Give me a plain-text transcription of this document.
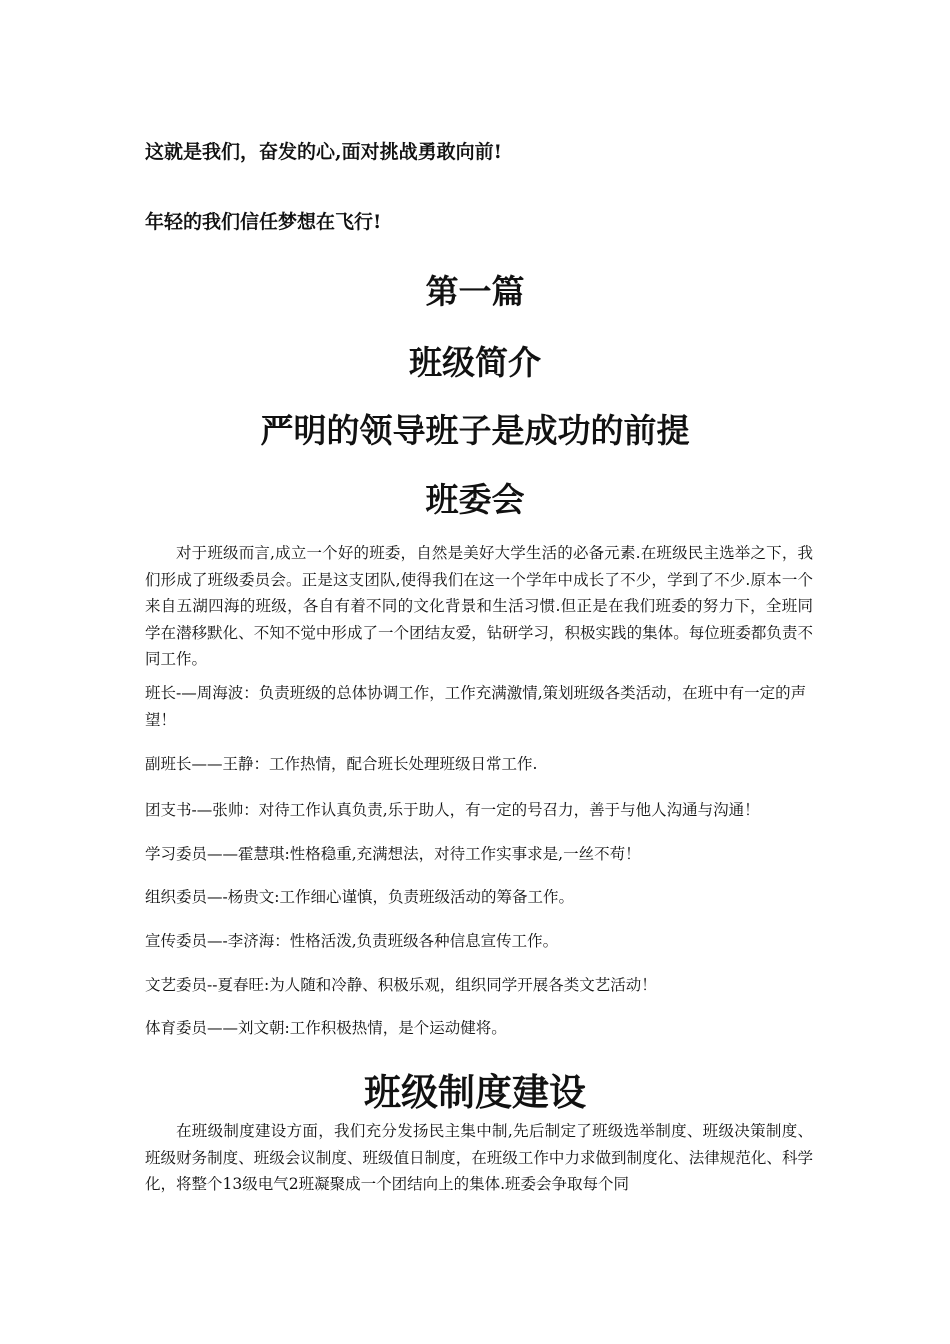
这就是我们，奋发的心,面对挑战勇敢向前!
年轻的我们信任梦想在飞行!
第一篇
班级简介
严明的领导班子是成功的前提
班委会
对于班级而言,成立一个好的班委，自然是美好大学生活的必备元素.在班级民主选举之下，我们形成了班级委员会。正是这支团队,使得我们在这一个学年中成长了不少，学到了不少.原本一个来自五湖四海的班级，各自有着不同的文化背景和生活习惯.但正是在我们班委的努力下，全班同学在潜移默化、不知不觉中形成了一个团结友爱，钻研学习，积极实践的集体。每位班委都负责不同工作。
班长-—周海波：负责班级的总体协调工作，工作充满激情,策划班级各类活动，在班中有一定的声望！
副班长——王静：工作热情，配合班长处理班级日常工作.
团支书-—张帅：对待工作认真负责,乐于助人，有一定的号召力，善于与他人沟通与沟通！
学习委员——霍慧琪:性格稳重,充满想法，对待工作实事求是,一丝不苟！
组织委员—-杨贵文:工作细心谨慎，负责班级活动的筹备工作。
宣传委员—-李济海：性格活泼,负责班级各种信息宣传工作。
文艺委员--夏春旺:为人随和冷静、积极乐观，组织同学开展各类文艺活动！
体育委员——刘文朝:工作积极热情，是个运动健将。
班级制度建设
在班级制度建设方面，我们充分发扬民主集中制,先后制定了班级选举制度、班级决策制度、班级财务制度、班级会议制度、班级值日制度，在班级工作中力求做到制度化、法律规范化、科学化，将整个13级电气2班凝聚成一个团结向上的集体.班委会争取每个同
